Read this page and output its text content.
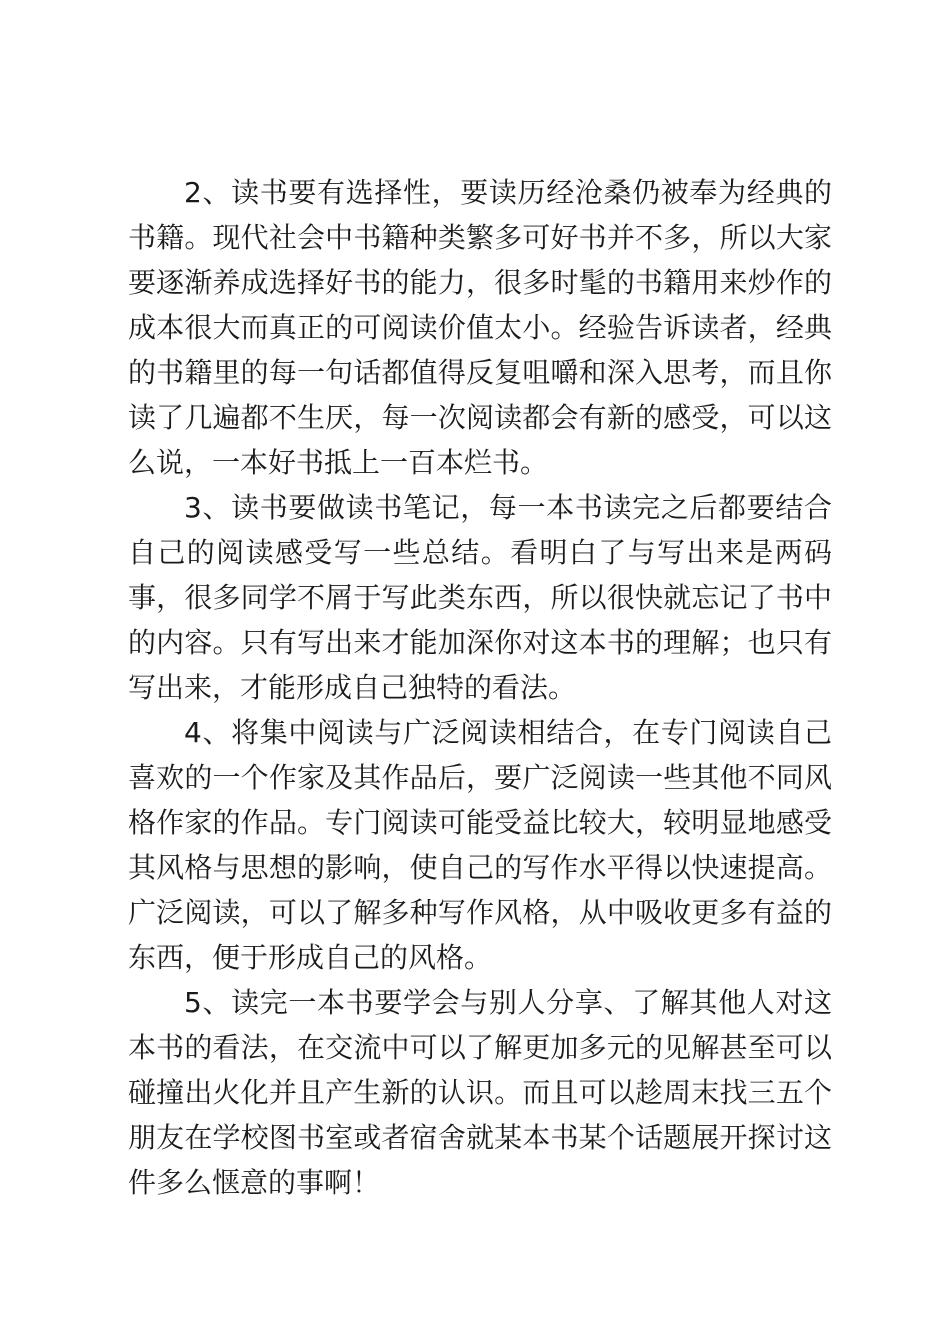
2、读书要有选择性，要读历经沧桑仍被奉为经典的书籍。现代社会中书籍种类繁多可好书并不多，所以大家要逐渐养成选择好书的能力，很多时髦的书籍用来炒作的成本很大而真正的可阅读价值太小。经验告诉读者，经典的书籍里的每一句话都值得反复咀嚼和深入思考，而且你读了几遍都不生厌，每一次阅读都会有新的感受，可以这么说，一本好书抵上一百本烂书。

3、读书要做读书笔记，每一本书读完之后都要结合自己的阅读感受写一些总结。看明白了与写出来是两码事，很多同学不屑于写此类东西，所以很快就忘记了书中的内容。只有写出来才能加深你对这本书的理解；也只有写出来，才能形成自己独特的看法。

4、将集中阅读与广泛阅读相结合，在专门阅读自己喜欢的一个作家及其作品后，要广泛阅读一些其他不同风格作家的作品。专门阅读可能受益比较大，较明显地感受其风格与思想的影响，使自己的写作水平得以快速提高。广泛阅读，可以了解多种写作风格，从中吸收更多有益的东西，便于形成自己的风格。

5、读完一本书要学会与别人分享、了解其他人对这本书的看法，在交流中可以了解更加多元的见解甚至可以碰撞出火化并且产生新的认识。而且可以趁周末找三五个朋友在学校图书室或者宿舍就某本书某个话题展开探讨这件多么惬意的事啊！
